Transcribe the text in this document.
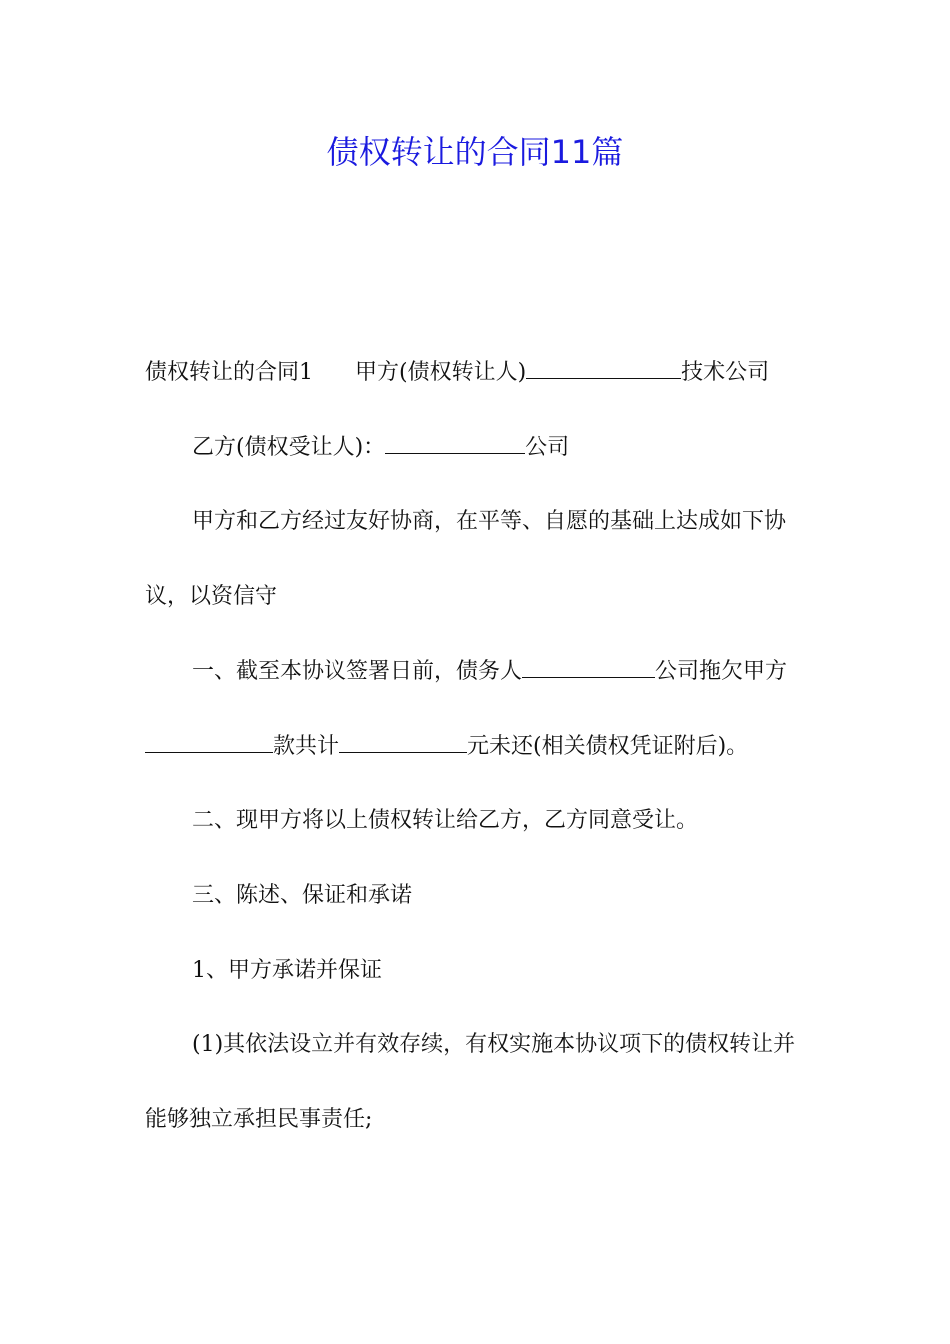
债权转让的合同11篇

债权转让的合同1 甲方(债权转让人)	技术公司

乙方(债权受让人)：	公司

甲方和乙方经过友好协商，在平等、自愿的基础上达成如下协议，以资信守

一、截至本协议签署日前，债务人	公司拖欠甲方款共计	元未还(相关债权凭证附后)。

二、现甲方将以上债权转让给乙方，乙方同意受让。

三、陈述、保证和承诺

1、甲方承诺并保证

(1)其依法设立并有效存续，有权实施本协议项下的债权转让并能够独立承担民事责任;
